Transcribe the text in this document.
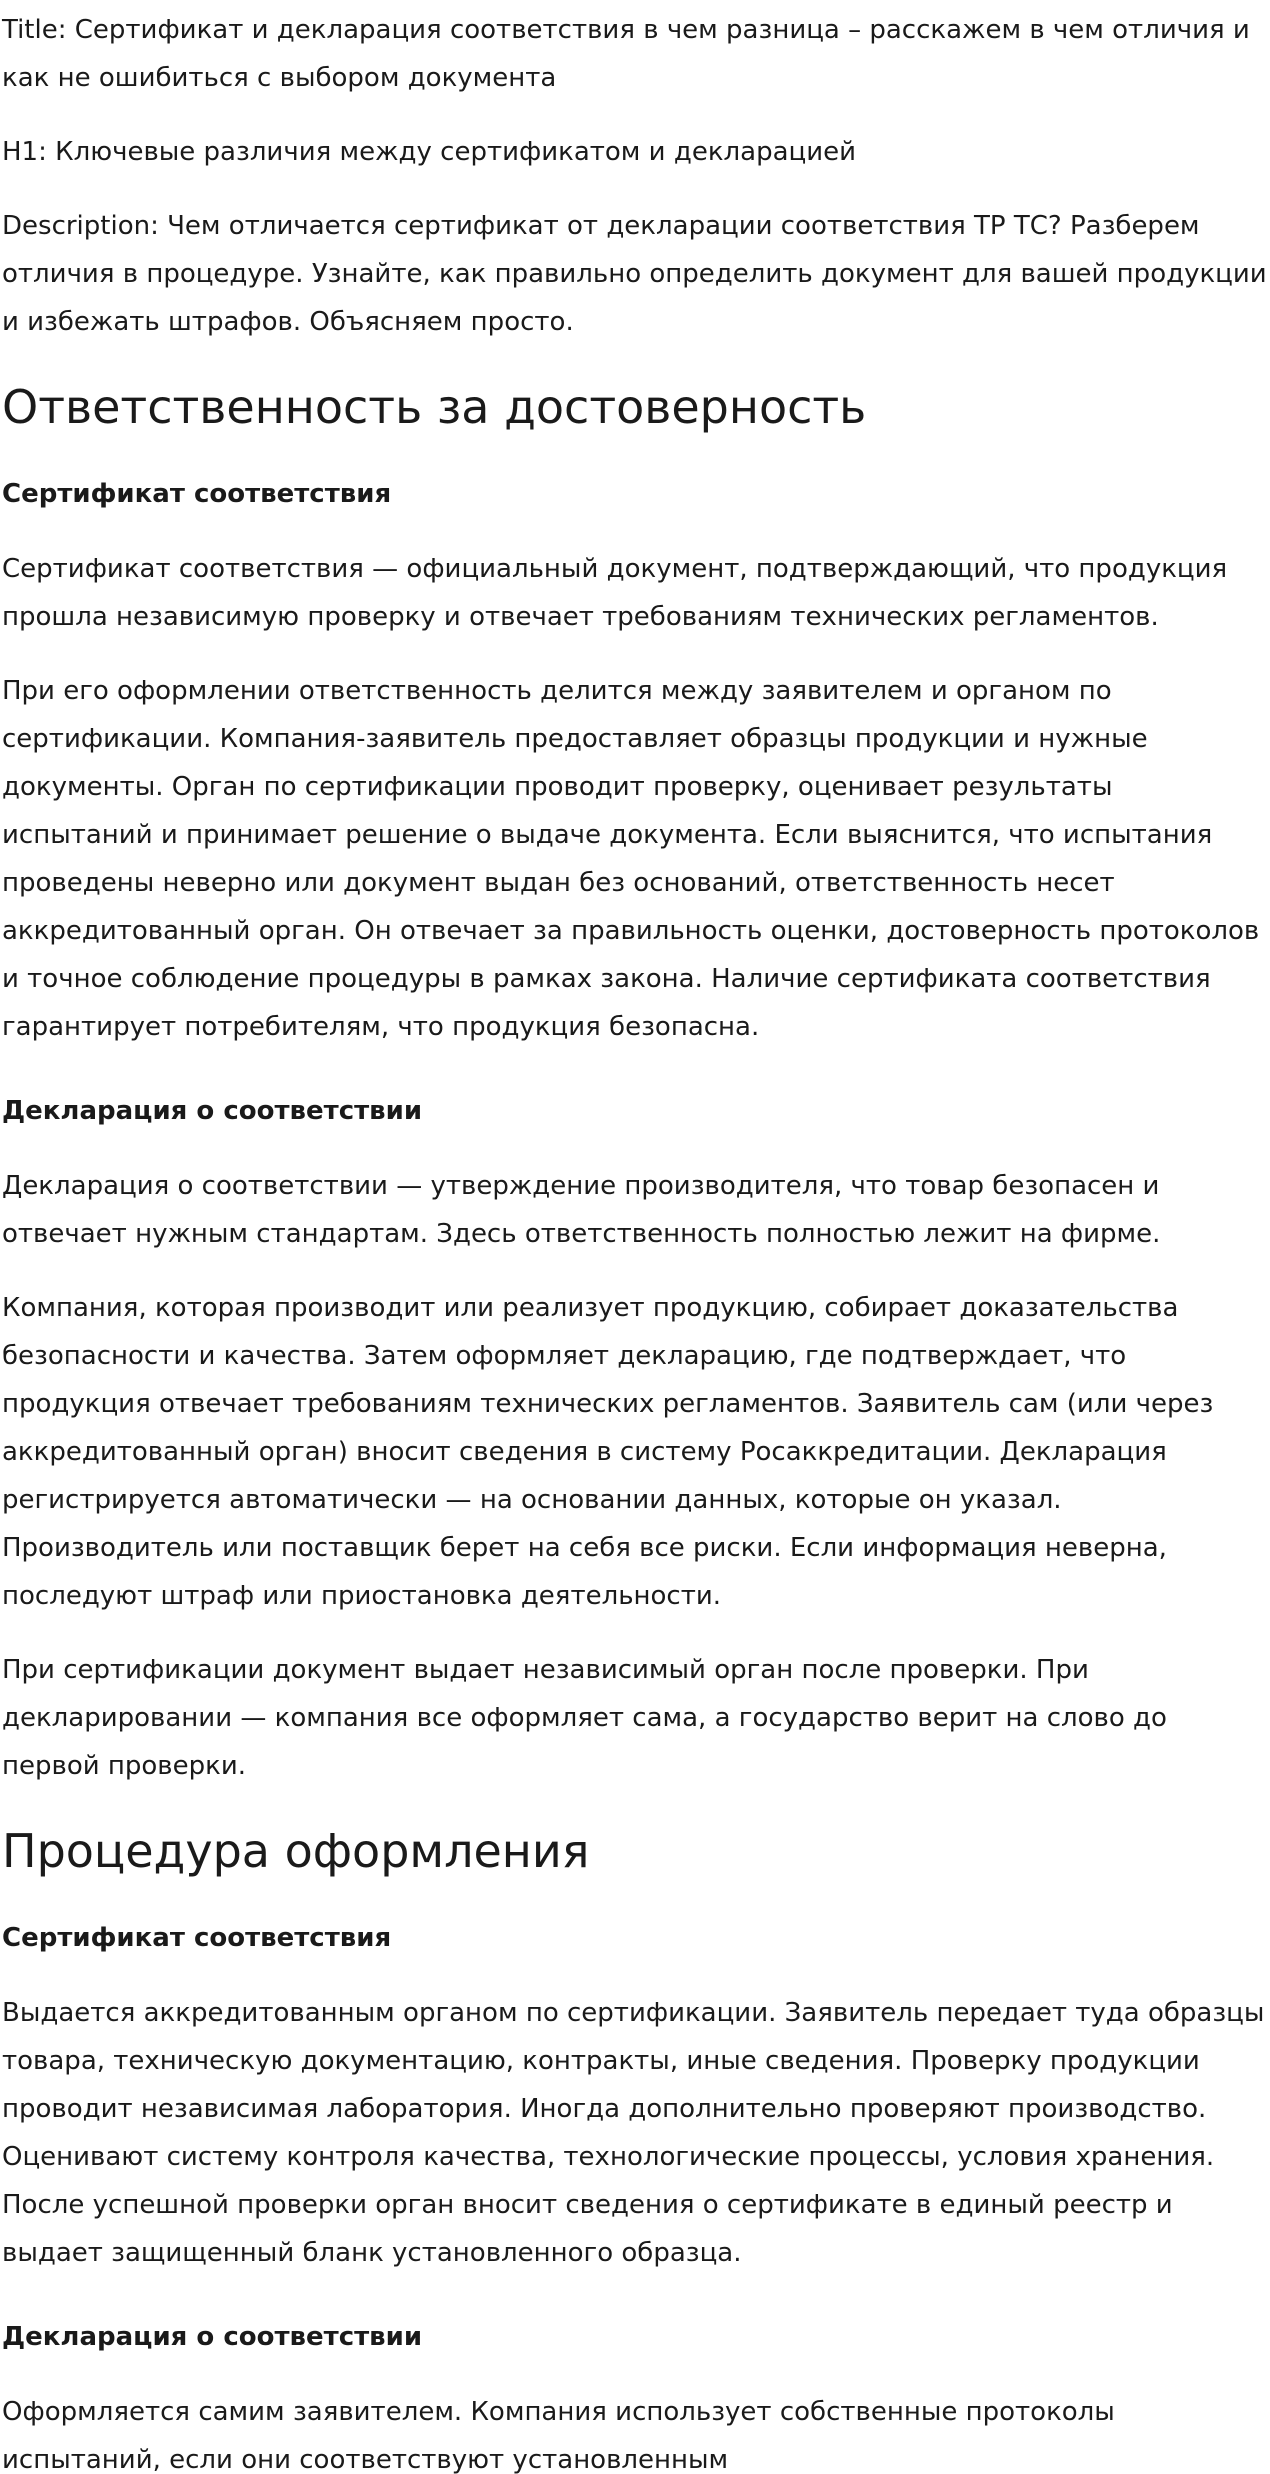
Title: Сертификат и декларация соответствия в чем разница – расскажем в чем отличия и как не ошибиться с выбором документа

H1: Ключевые различия между сертификатом и декларацией

Description: Чем отличается сертификат от декларации соответствия ТР ТС? Разберем отличия в процедуре. Узнайте, как правильно определить документ для вашей продукции и избежать штрафов. Объясняем просто.

Ответственность за достоверность
Сертификат соответствия

Сертификат соответствия — официальный документ, подтверждающий, что продукция прошла независимую проверку и отвечает требованиям технических регламентов.

При его оформлении ответственность делится между заявителем и органом по сертификации. Компания-заявитель предоставляет образцы продукции и нужные документы. Орган по сертификации проводит проверку, оценивает результаты испытаний и принимает решение о выдаче документа. Если выяснится, что испытания проведены неверно или документ выдан без оснований, ответственность несет аккредитованный орган. Он отвечает за правильность оценки, достоверность протоколов и точное соблюдение процедуры в рамках закона. Наличие сертификата соответствия гарантирует потребителям, что продукция безопасна.

Декларация о соответствии

Декларация о соответствии — утверждение производителя, что товар безопасен и отвечает нужным стандартам. Здесь ответственность полностью лежит на фирме.

Компания, которая производит или реализует продукцию, собирает доказательства безопасности и качества. Затем оформляет декларацию, где подтверждает, что продукция отвечает требованиям технических регламентов. Заявитель сам (или через аккредитованный орган) вносит сведения в систему Росаккредитации. Декларация регистрируется автоматически — на основании данных, которые он указал. Производитель или поставщик берет на себя все риски. Если информация неверна, последуют штраф или приостановка деятельности.

При сертификации документ выдает независимый орган после проверки. При декларировании — компания все оформляет сама, а государство верит на слово до первой проверки.

Процедура оформления
Сертификат соответствия

Выдается аккредитованным органом по сертификации. Заявитель передает туда образцы товара, техническую документацию, контракты, иные сведения. Проверку продукции проводит независимая лаборатория. Иногда дополнительно проверяют производство. Оценивают систему контроля качества, технологические процессы, условия хранения. После успешной проверки орган вносит сведения о сертификате в единый реестр и выдает защищенный бланк установленного образца.

Декларация о соответствии

Оформляется самим заявителем. Компания использует собственные протоколы испытаний, если они соответствуют установленным
